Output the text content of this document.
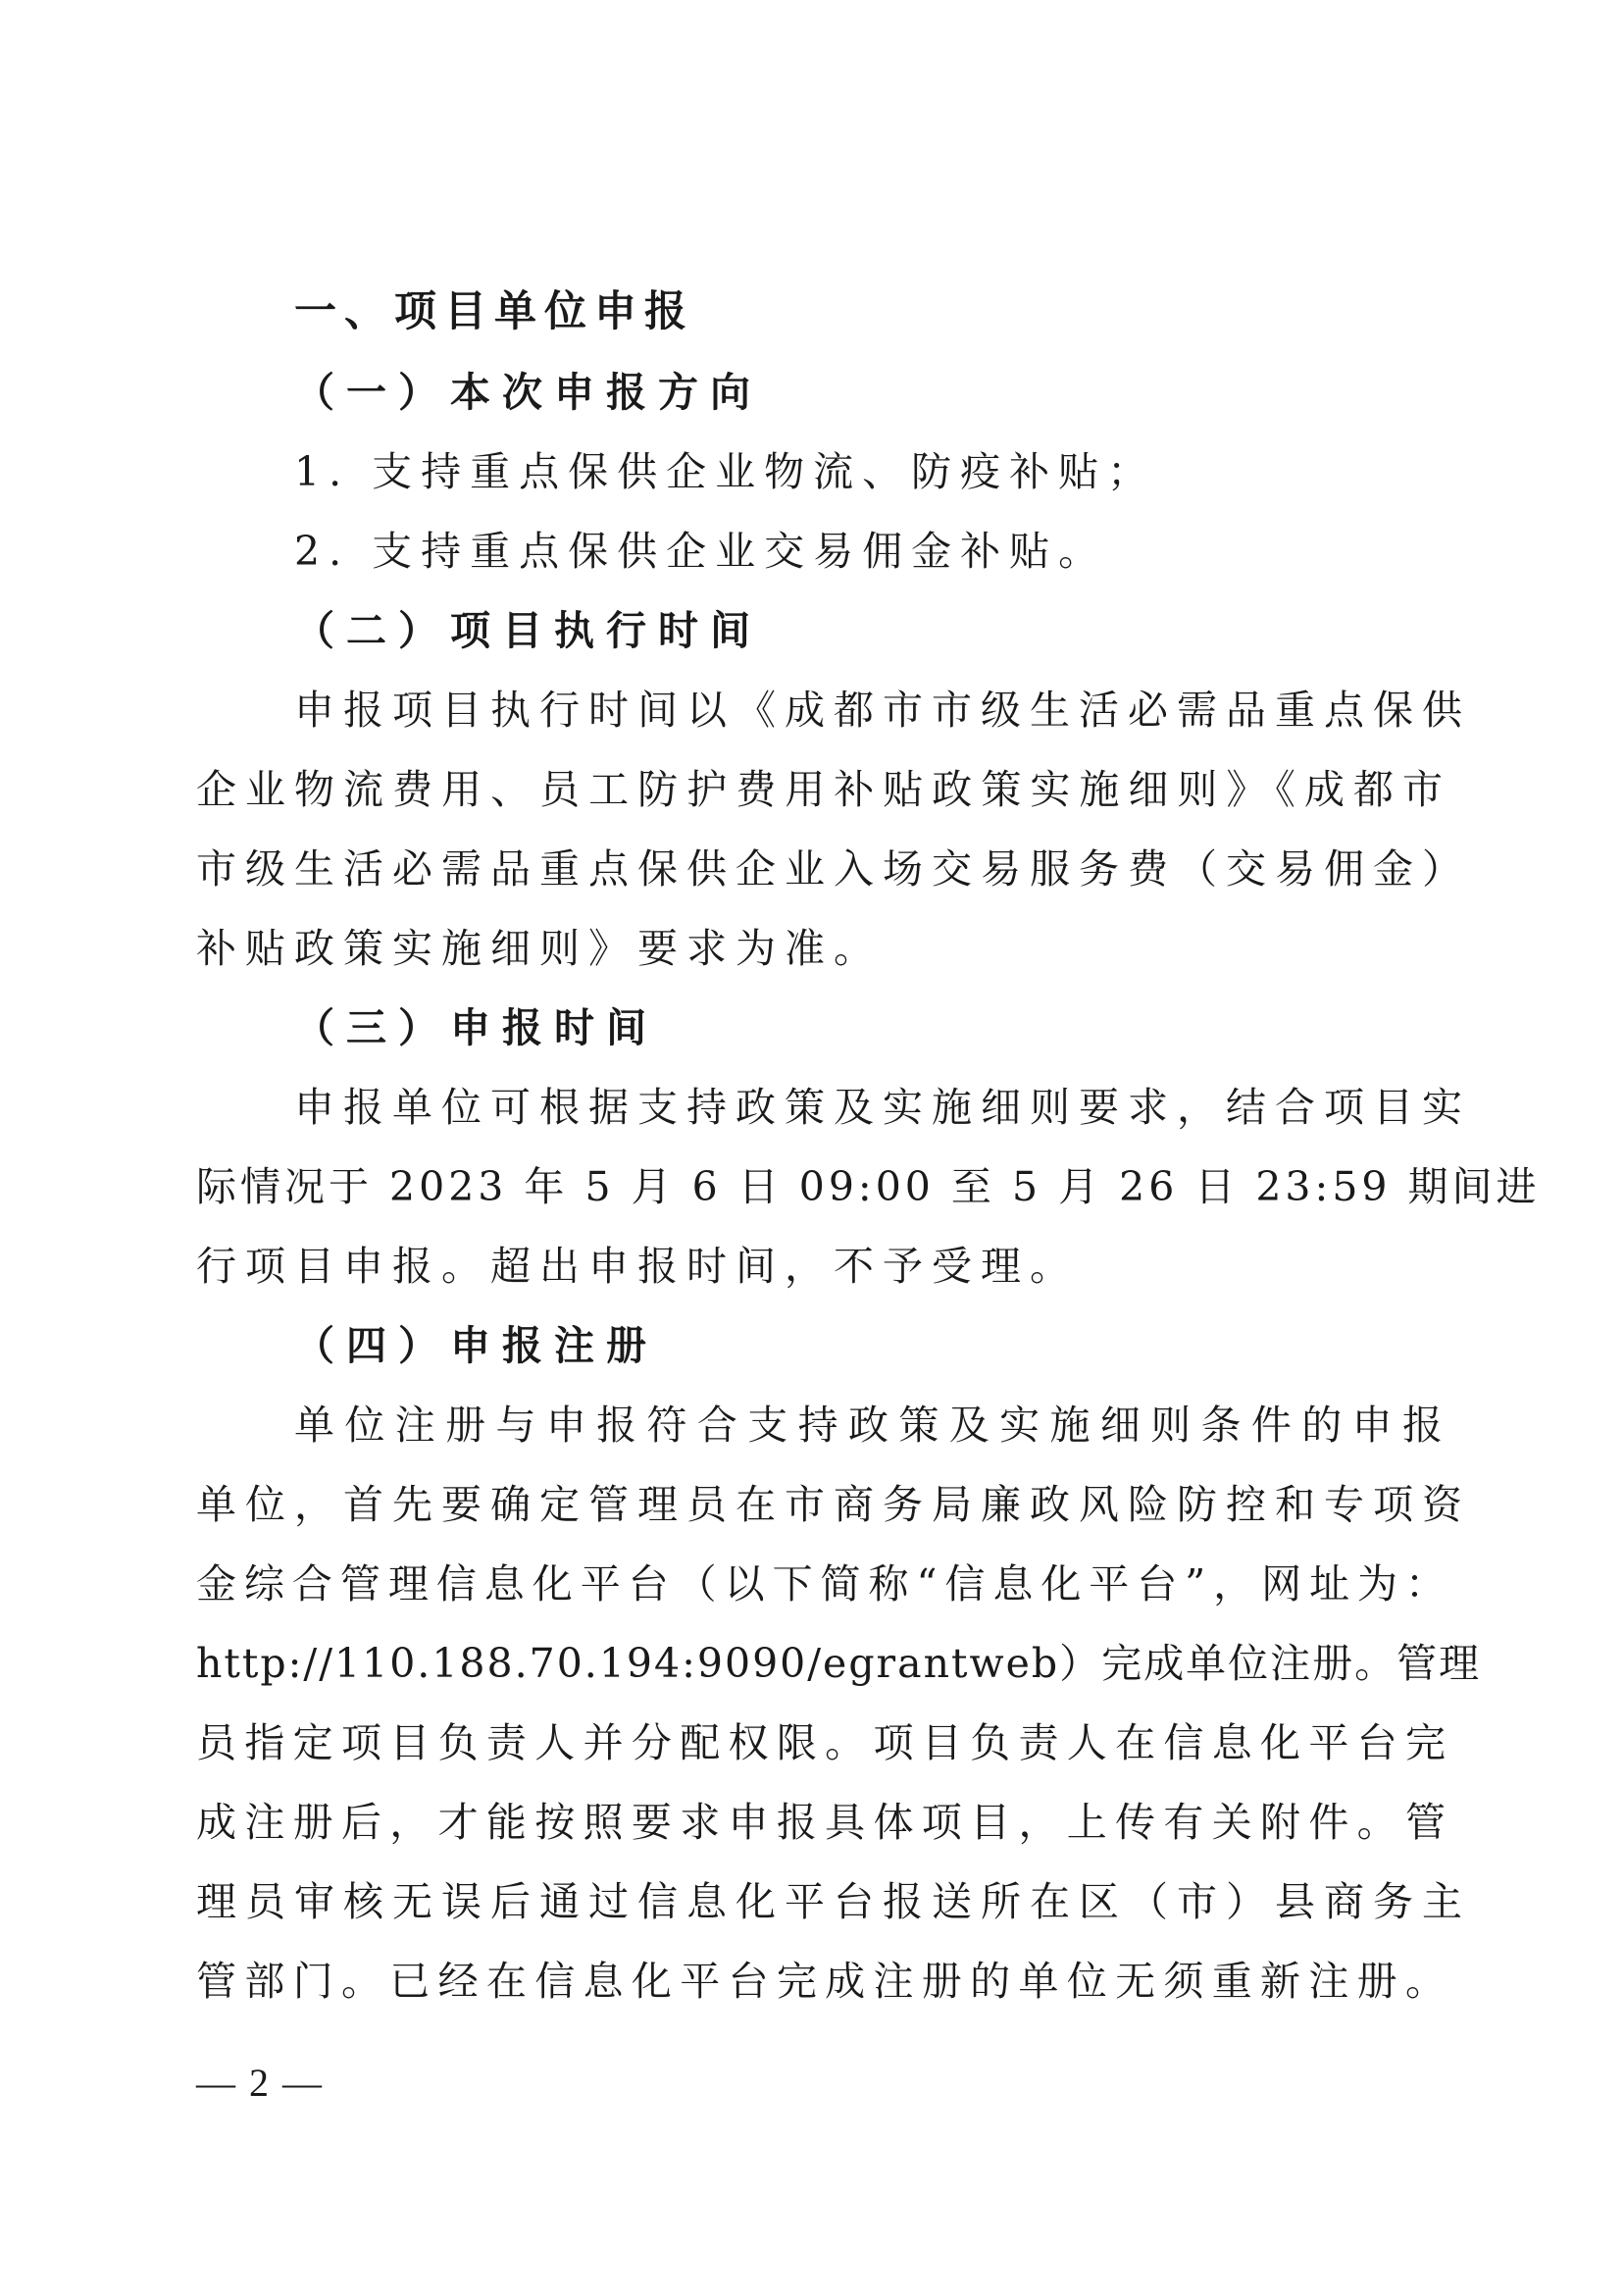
一、项目单位申报
（一）本次申报方向
1. 支持重点保供企业物流、防疫补贴；
2. 支持重点保供企业交易佣金补贴。
（二）项目执行时间
申报项目执行时间以《成都市市级生活必需品重点保供
企业物流费用、员工防护费用补贴政策实施细则》《成都市
市级生活必需品重点保供企业入场交易服务费（交易佣金）
补贴政策实施细则》要求为准。
（三）申报时间
申报单位可根据支持政策及实施细则要求，结合项目实
际情况于 2023 年 5 月 6 日 09:00 至 5 月 26 日 23:59 期间进
行项目申报。超出申报时间，不予受理。
（四）申报注册
单位注册与申报符合支持政策及实施细则条件的申报
单位，首先要确定管理员在市商务局廉政风险防控和专项资
金综合管理信息化平台（以下简称“信息化平台”，网址为：
http://110.188.70.194:9090/egrantweb）完成单位注册。管理
员指定项目负责人并分配权限。项目负责人在信息化平台完
成注册后，才能按照要求申报具体项目，上传有关附件。管
理员审核无误后通过信息化平台报送所在区（市）县商务主
管部门。已经在信息化平台完成注册的单位无须重新注册。
— 2 —
